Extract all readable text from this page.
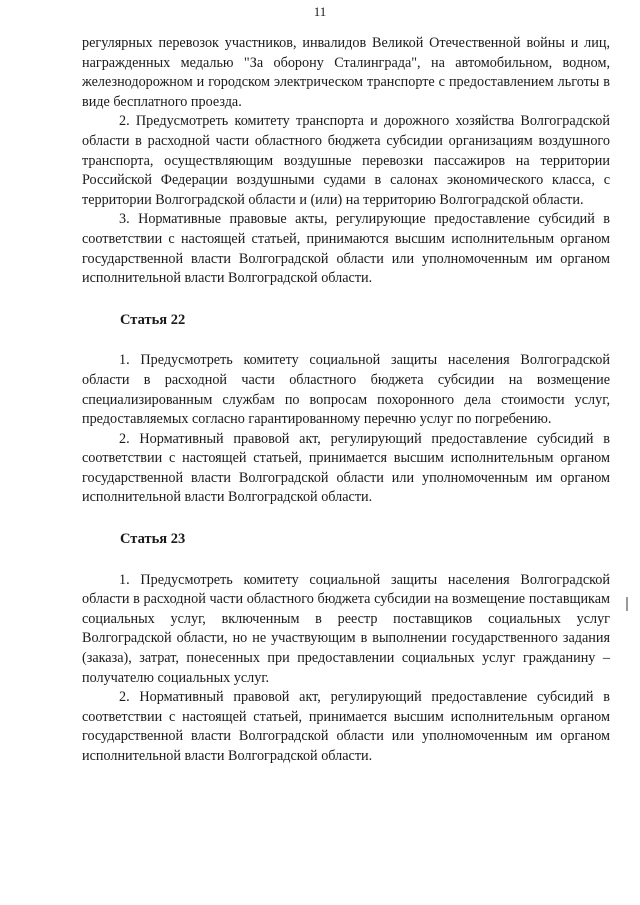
11

регулярных перевозок участников, инвалидов Великой Отечественной войны и лиц, награжденных медалью "За оборону Сталинграда", на автомобильном, водном, железнодорожном и городском электрическом транспорте с предоставлением льготы в виде бесплатного проезда.

2. Предусмотреть комитету транспорта и дорожного хозяйства Волгоградской области в расходной части областного бюджета субсидии организациям воздушного транспорта, осуществляющим воздушные перевозки пассажиров на территории Российской Федерации воздушными судами в салонах экономического класса, с территории Волгоградской области и (или) на территорию Волгоградской области.

3. Нормативные правовые акты, регулирующие предоставление субсидий в соответствии с настоящей статьей, принимаются высшим исполнительным органом государственной власти Волгоградской области или уполномоченным им органом исполнительной власти Волгоградской области.

Статья 22

1. Предусмотреть комитету социальной защиты населения Волгоградской области в расходной части областного бюджета субсидии на возмещение специализированным службам по вопросам похоронного дела стоимости услуг, предоставляемых согласно гарантированному перечню услуг по погребению.

2. Нормативный правовой акт, регулирующий предоставление субсидий в соответствии с настоящей статьей, принимается высшим исполнительным органом государственной власти Волгоградской области или уполномоченным им органом исполнительной власти Волгоградской области.

Статья 23

1. Предусмотреть комитету социальной защиты населения Волгоградской области в расходной части областного бюджета субсидии на возмещение поставщикам социальных услуг, включенным в реестр поставщиков социальных услуг Волгоградской области, но не участвующим в выполнении государственного задания (заказа), затрат, понесенных при предоставлении социальных услуг гражданину – получателю социальных услуг.

2. Нормативный правовой акт, регулирующий предоставление субсидий в соответствии с настоящей статьей, принимается высшим исполнительным органом государственной власти Волгоградской области или уполномоченным им органом исполнительной власти Волгоградской области.
